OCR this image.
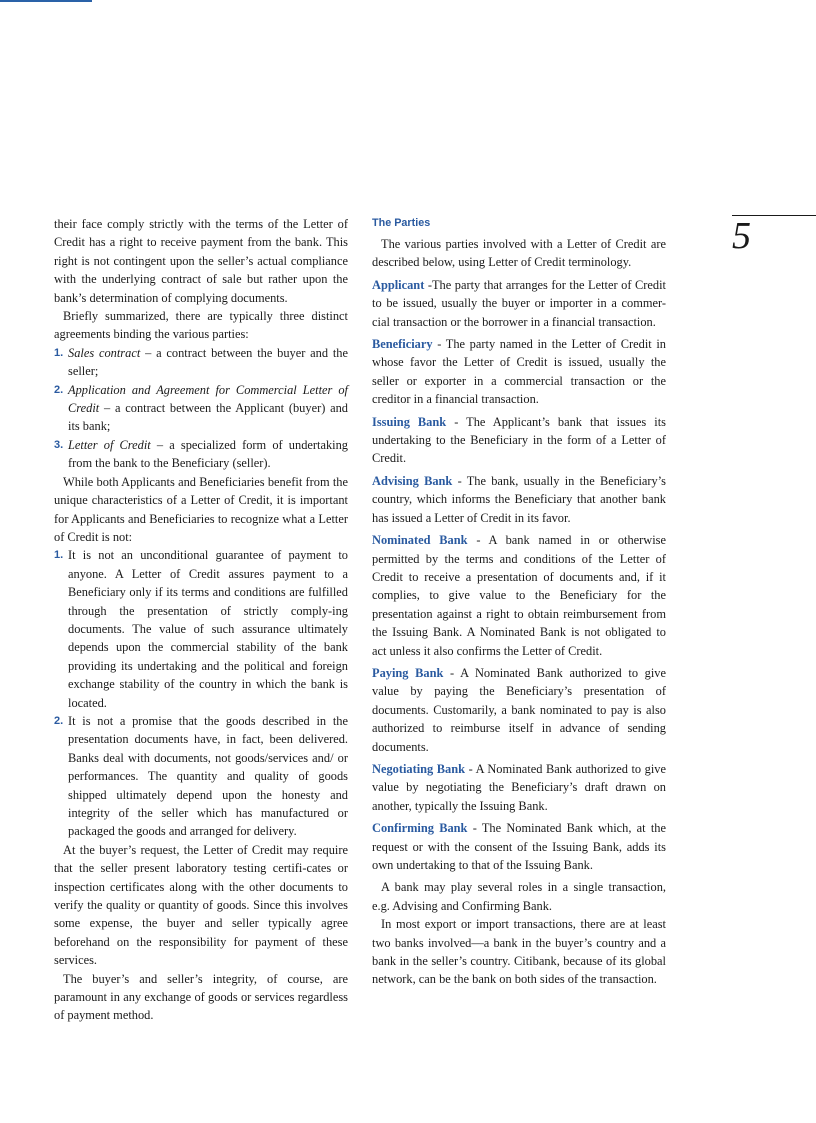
5

their face comply strictly with the terms of the Letter of Credit has a right to receive payment from the bank. This right is not contingent upon the seller’s actual compliance with the underlying contract of sale but rather upon the bank’s determination of complying documents.

Briefly summarized, there are typically three distinct agreements binding the various parties:

1. Sales contract – a contract between the buyer and the seller;
2. Application and Agreement for Commercial Letter of Credit – a contract between the Applicant (buyer) and its bank;
3. Letter of Credit – a specialized form of undertaking from the bank to the Beneficiary (seller).

While both Applicants and Beneficiaries benefit from the unique characteristics of a Letter of Credit, it is important for Applicants and Beneficiaries to recognize what a Letter of Credit is not:

1. It is not an unconditional guarantee of payment to anyone. A Letter of Credit assures payment to a Beneficiary only if its terms and conditions are fulfilled through the presentation of strictly comply-ing documents. The value of such assurance ultimately depends upon the commercial stability of the bank providing its undertaking and the political and foreign exchange stability of the country in which the bank is located.
2. It is not a promise that the goods described in the presentation documents have, in fact, been delivered. Banks deal with documents, not goods/services and/ or performances. The quantity and quality of goods shipped ultimately depend upon the honesty and integrity of the seller which has manufactured or packaged the goods and arranged for delivery.

At the buyer’s request, the Letter of Credit may require that the seller present laboratory testing certifi-cates or inspection certificates along with the other documents to verify the quality or quantity of goods. Since this involves some expense, the buyer and seller typically agree beforehand on the responsibility for payment of these services.

The buyer’s and seller’s integrity, of course, are paramount in any exchange of goods or services regardless of payment method.

The Parties

The various parties involved with a Letter of Credit are described below, using Letter of Credit terminology.

Applicant -The party that arranges for the Letter of Credit to be issued, usually the buyer or importer in a commer-cial transaction or the borrower in a financial transaction.

Beneficiary - The party named in the Letter of Credit in whose favor the Letter of Credit is issued, usually the seller or exporter in a commercial transaction or the creditor in a financial transaction.

Issuing Bank - The Applicant’s bank that issues its undertaking to the Beneficiary in the form of a Letter of Credit.

Advising Bank - The bank, usually in the Beneficiary’s country, which informs the Beneficiary that another bank has issued a Letter of Credit in its favor.

Nominated Bank - A bank named in or otherwise permitted by the terms and conditions of the Letter of Credit to receive a presentation of documents and, if it complies, to give value to the Beneficiary for the presentation against a right to obtain reimbursement from the Issuing Bank. A Nominated Bank is not obligated to act unless it also confirms the Letter of Credit.

Paying Bank - A Nominated Bank authorized to give value by paying the Beneficiary’s presentation of documents. Customarily, a bank nominated to pay is also authorized to reimburse itself in advance of sending documents.

Negotiating Bank - A Nominated Bank authorized to give value by negotiating the Beneficiary’s draft drawn on another, typically the Issuing Bank.

Confirming Bank - The Nominated Bank which, at the request or with the consent of the Issuing Bank, adds its own undertaking to that of the Issuing Bank.

A bank may play several roles in a single transaction, e.g. Advising and Confirming Bank.

In most export or import transactions, there are at least two banks involved—a bank in the buyer’s country and a bank in the seller’s country. Citibank, because of its global network, can be the bank on both sides of the transaction.
